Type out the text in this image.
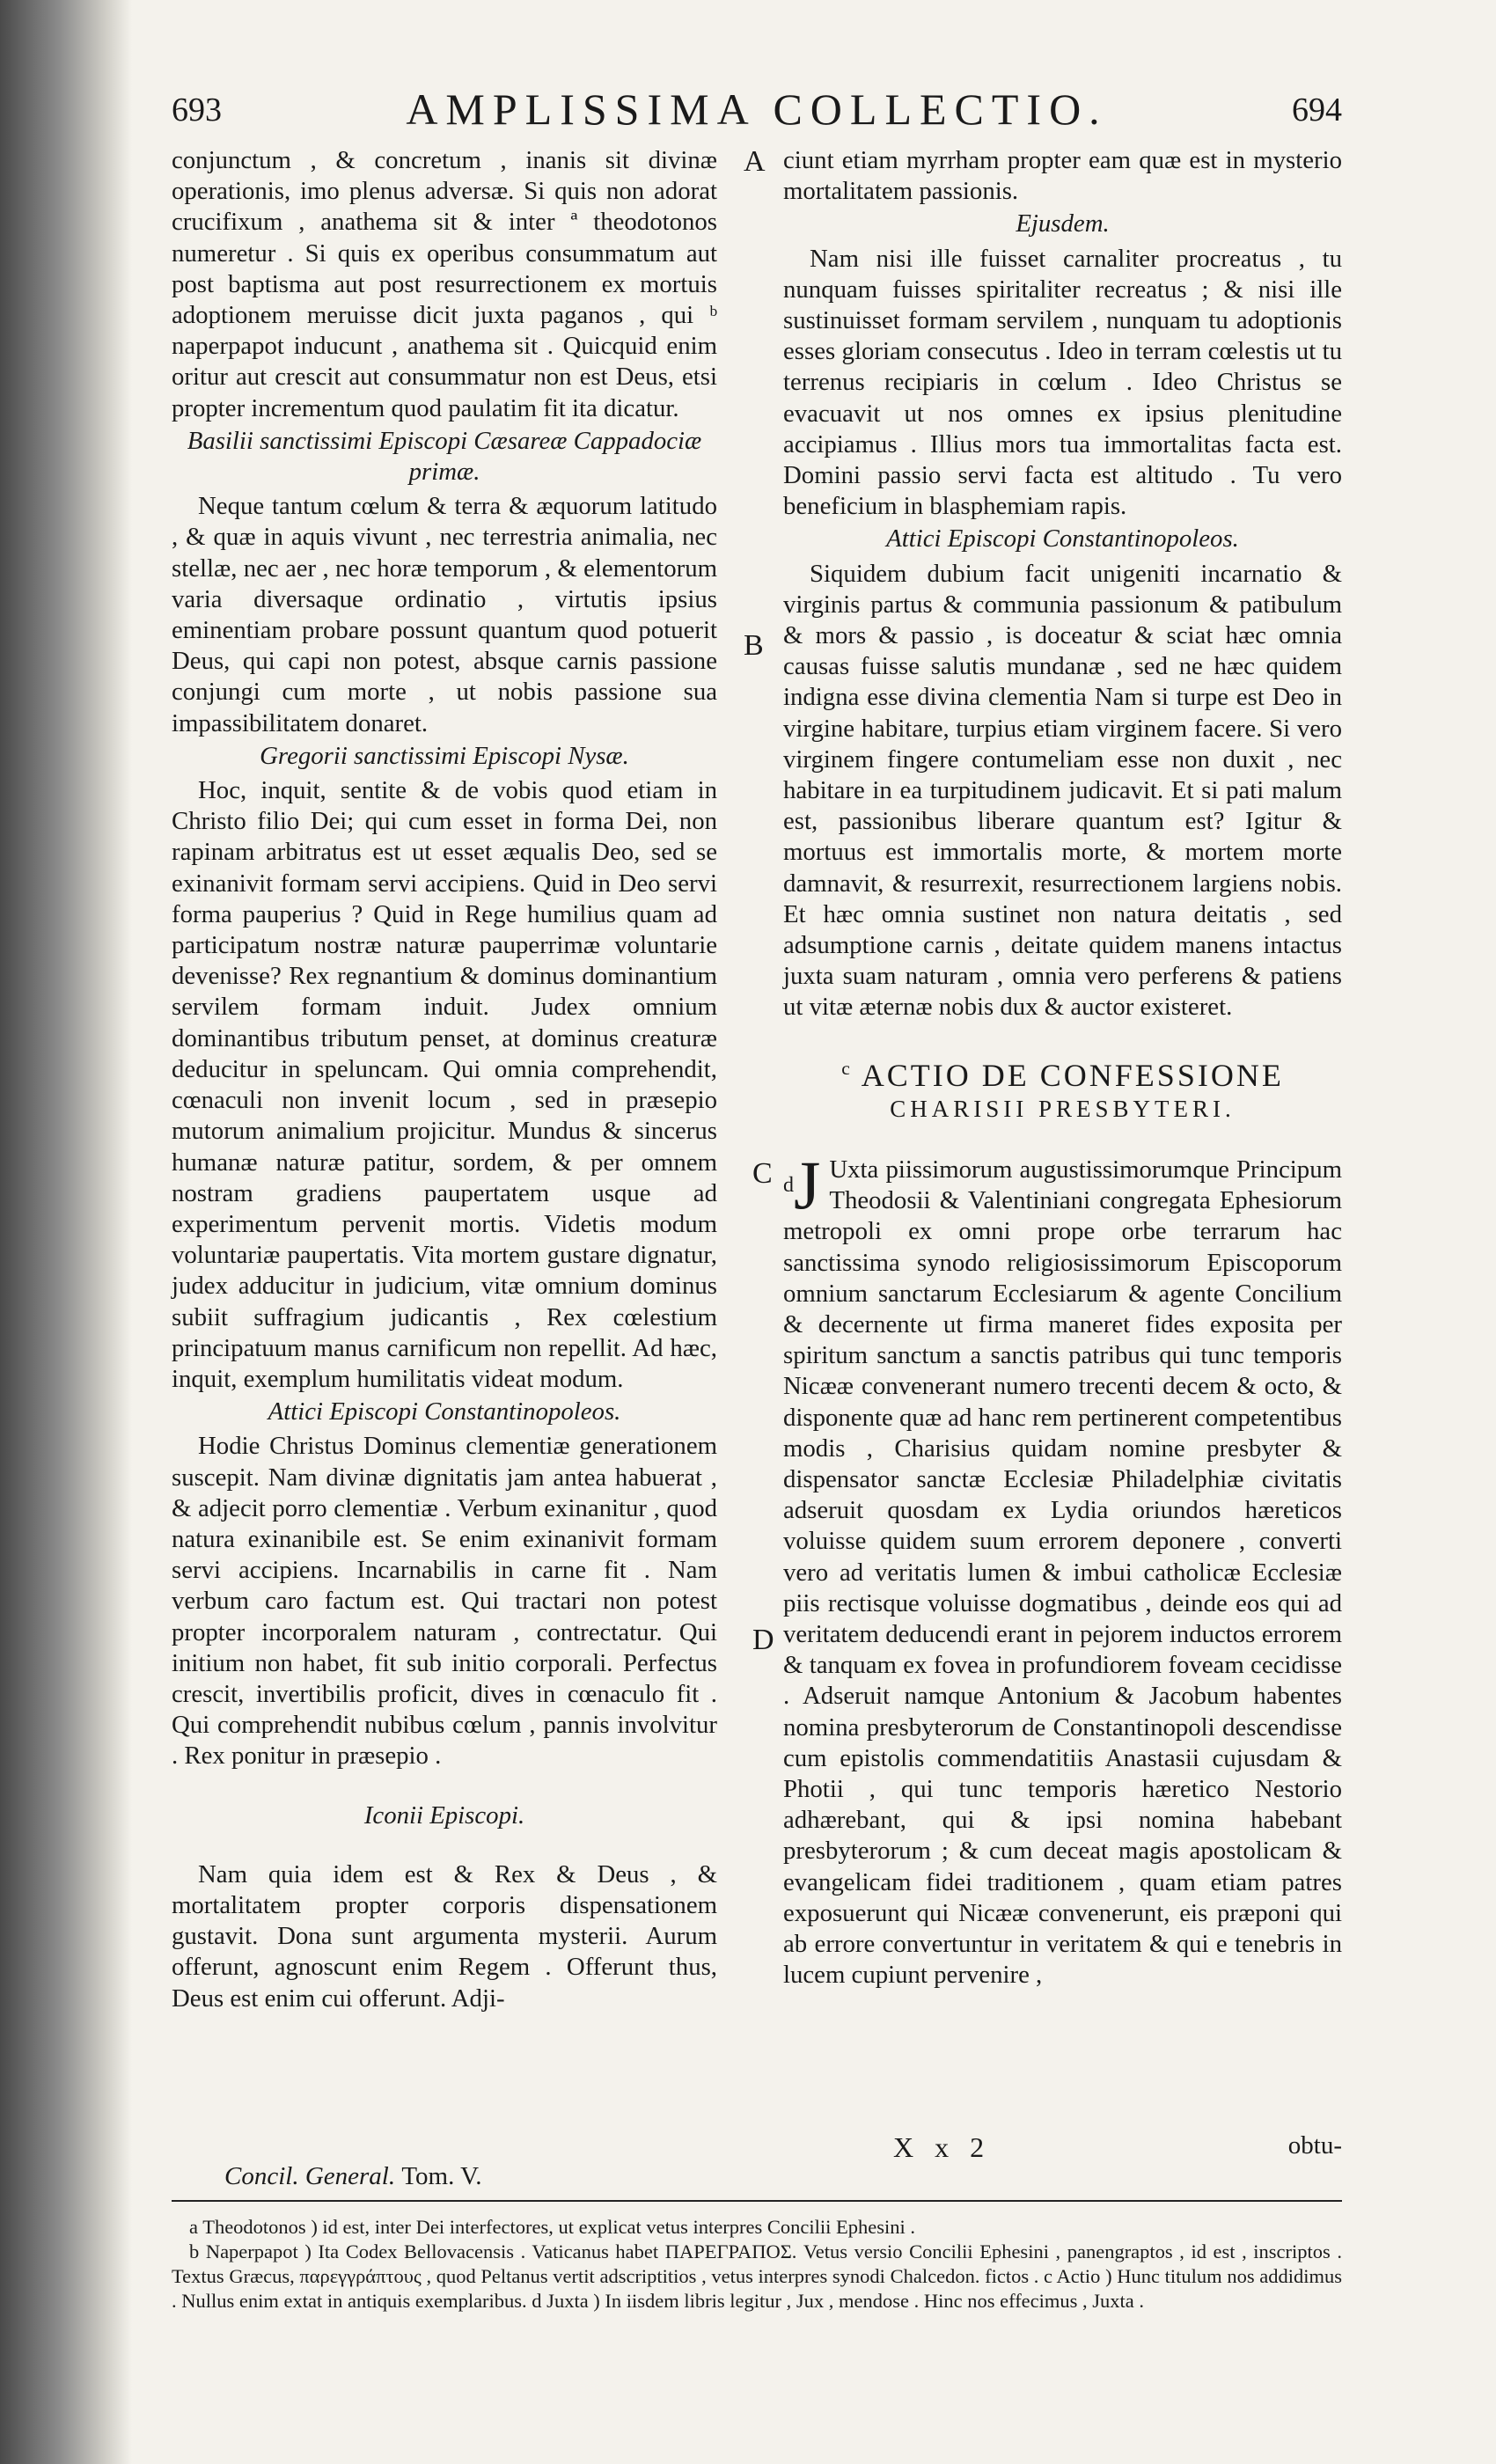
693	AMPLISSIMA COLLECTIO.	694

conjunctum , & concretum , inanis sit divinæ operationis, imo plenus adversæ. Si quis non adorat crucifixum , anathema sit & inter ª theodotonos numeretur . Si quis ex operibus consummatum aut post baptisma aut post resurrectionem ex mortuis adoptionem meruisse dicit juxta paganos , qui ᵇ naperpapot inducunt , anathema sit . Quicquid enim oritur aut crescit aut consummatur non est Deus, etsi propter incrementum quod paulatim fit ita dicatur.

Basilii sanctissimi Episcopi Cæsareæ Cappadociæ primæ.

Neque tantum cœlum & terra & æquorum latitudo , & quæ in aquis vivunt , nec terrestria animalia, nec stellæ, nec aer , nec horæ temporum , & elementorum varia diversaque ordinatio , virtutis ipsius eminentiam probare possunt quantum quod potuerit Deus, qui capi non potest, absque carnis passione conjungi cum morte , ut nobis passione sua impassibilitatem donaret.

Gregorii sanctissimi Episcopi Nysæ.

Hoc, inquit, sentite & de vobis quod etiam in Christo filio Dei; qui cum esset in forma Dei, non rapinam arbitratus est ut esset æqualis Deo, sed se exinanivit formam servi accipiens. Quid in Deo servi forma pauperius ? Quid in Rege humilius quam ad participatum nostræ naturæ pauperrimæ voluntarie devenisse? Rex regnantium & dominus dominantium servilem formam induit. Judex omnium dominantibus tributum penset, at dominus creaturæ deducitur in speluncam. Qui omnia comprehendit, cœnaculi non invenit locum , sed in præsepio mutorum animalium projicitur. Mundus & sincerus humanæ naturæ patitur, sordem, & per omnem nostram gradiens paupertatem usque ad experimentum pervenit mortis. Videtis modum voluntariæ paupertatis. Vita mortem gustare dignatur, judex adducitur in judicium, vitæ omnium dominus subiit suffragium judicantis , Rex cœlestium principatuum manus carnificum non repellit. Ad hæc, inquit, exemplum humilitatis videat modum.

Attici Episcopi Constantinopoleos.

Hodie Christus Dominus clementiæ generationem suscepit. Nam divinæ dignitatis jam antea habuerat , & adjecit porro clementiæ . Verbum exinanitur , quod natura exinanibile est. Se enim exinanivit formam servi accipiens. Incarnabilis in carne fit . Nam verbum caro factum est. Qui tractari non potest propter incorporalem naturam , contrectatur. Qui initium non habet, fit sub initio corporali. Perfectus crescit, invertibilis proficit, dives in cœnaculo fit . Qui comprehendit nubibus cœlum , pannis involvitur . Rex ponitur in præsepio .

Iconii Episcopi.

Nam quia idem est & Rex & Deus , & mortalitatem propter corporis dispensationem gustavit. Dona sunt argumenta mysterii. Aurum offerunt, agnoscunt enim Regem . Offerunt thus, Deus est enim cui offerunt. Adji-

ciunt etiam myrrham propter eam quæ est in mysterio mortalitatem passionis.

Ejusdem.

Nam nisi ille fuisset carnaliter procreatus , tu nunquam fuisses spiritaliter recreatus ; & nisi ille sustinuisset formam servilem , nunquam tu adoptionis esses gloriam consecutus . Ideo in terram cœlestis ut tu terrenus recipiaris in cœlum . Ideo Christus se evacuavit ut nos omnes ex ipsius plenitudine accipiamus . Illius mors tua immortalitas facta est. Domini passio servi facta est altitudo . Tu vero beneficium in blasphemiam rapis.

Attici Episcopi Constantinopoleos.

Siquidem dubium facit unigeniti incarnatio & virginis partus & communia passionum & patibulum & mors & passio , is doceatur & sciat hæc omnia causas fuisse salutis mundanæ , sed ne hæc quidem indigna esse divina clementia Nam si turpe est Deo in virgine habitare, turpius etiam virginem facere. Si vero virginem fingere contumeliam esse non duxit , nec habitare in ea turpitudinem judicavit. Et si pati malum est, passionibus liberare quantum est? Igitur & mortuus est immortalis morte, & mortem morte damnavit, & resurrexit, resurrectionem largiens nobis. Et hæc omnia sustinet non natura deitatis , sed adsumptione carnis , deitate quidem manens intactus juxta suam naturam , omnia vero perferens & patiens ut vitæ æternæ nobis dux & auctor existeret.

$^c$ ACTIO DE CONFESSIONE
CHARISII PRESBYTERI.

$^d$J Uxta piissimorum augustissimorumque Principum Theodosii & Valentiniani congregata Ephesiorum metropoli ex omni prope orbe terrarum hac sanctissima synodo religiosissimorum Episcoporum omnium sanctarum Ecclesiarum & agente Concilium & decernente ut firma maneret fides exposita per spiritum sanctum a sanctis patribus qui tunc temporis Nicææ convenerant numero trecenti decem & octo, & disponente quæ ad hanc rem pertinerent competentibus modis , Charisius quidam nomine presbyter & dispensator sanctæ Ecclesiæ Philadelphiæ civitatis adseruit quosdam ex Lydia oriundos hæreticos voluisse quidem suum errorem deponere , converti vero ad veritatis lumen & imbui catholicæ Ecclesiæ piis rectisque voluisse dogmatibus , deinde eos qui ad veritatem deducendi erant in pejorem inductos errorem & tanquam ex fovea in profundiorem foveam cecidisse . Adseruit namque Antonium & Jacobum habentes nomina presbyterorum de Constantinopoli descendisse cum epistolis commendatitiis Anastasii cujusdam & Photii , qui tunc temporis hæretico Nestorio adhærebant, qui & ipsi nomina habebant presbyterorum ; & cum deceat magis apostolicam & evangelicam fidei traditionem , quam etiam patres exposuerunt qui Nicææ convenerunt, eis præponi qui ab errore convertuntur in veritatem & qui e tenebris in lucem cupiunt pervenire ,

A
B
C
D
Concil. General. Tom. V.
X x 2	obtu-

a Theodotonos ) id est, inter Dei interfectores, ut explicat vetus interpres Concilii Ephesini .

b Naperpapot ) Ita Codex Bellovacensis . Vaticanus habet ΠΑΡΕΓΡΑΠΟΣ. Vetus versio Concilii Ephesini , panengraptos , id est , inscriptos . Textus Græcus, παρεγγράπτους , quod Peltanus vertit adscriptitios , vetus interpres synodi Chalcedon. fictos . c Actio ) Hunc titulum nos addidimus . Nullus enim extat in antiquis exemplaribus. d Juxta ) In iisdem libris legitur , Jux , mendose . Hinc nos effecimus , Juxta .
